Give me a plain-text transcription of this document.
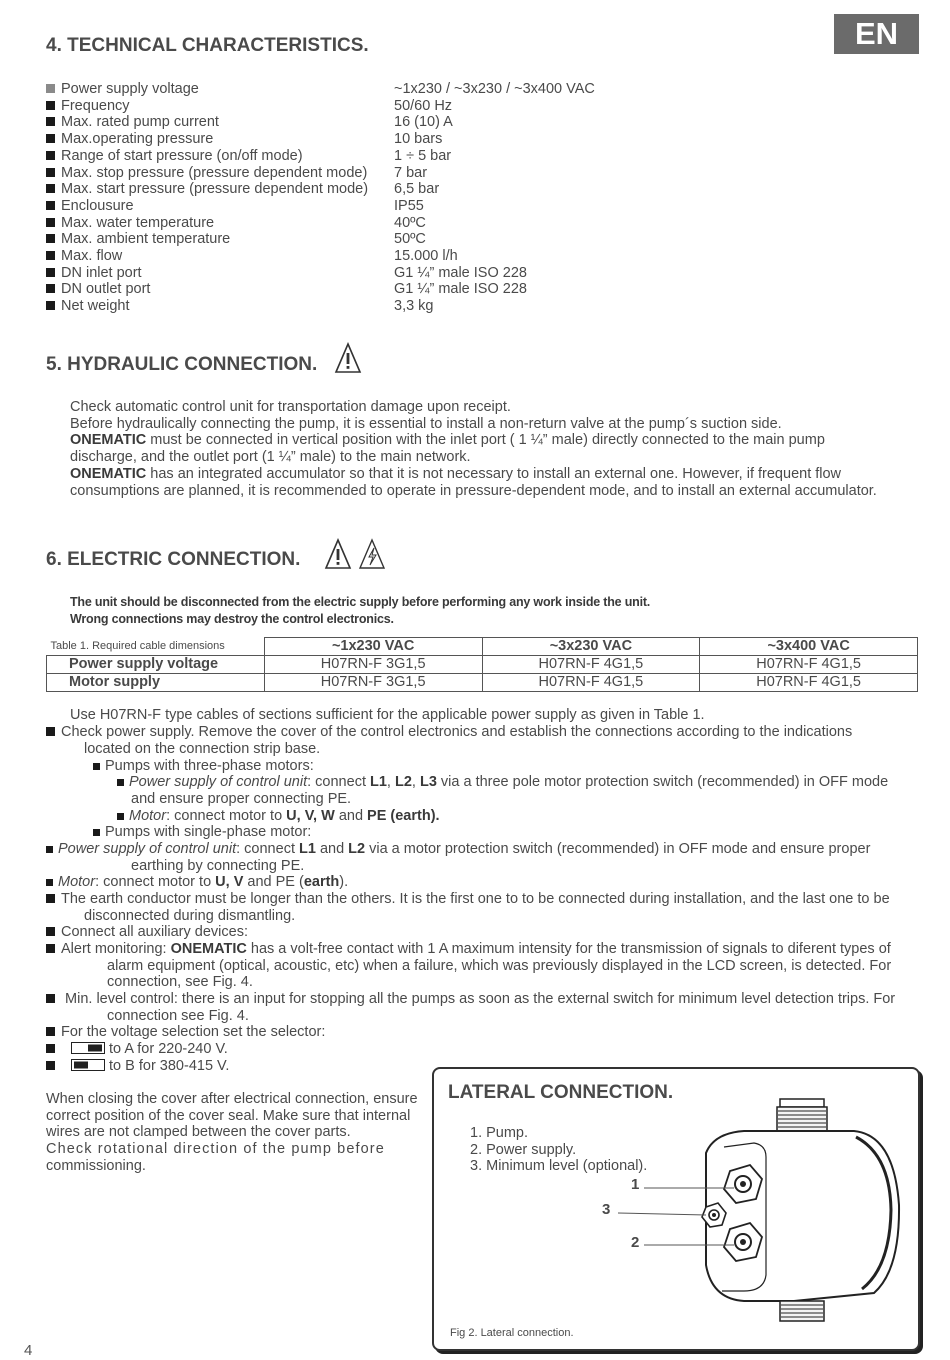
EN
4. TECHNICAL CHARACTERISTICS.
Power supply voltage	~1x230 / ~3x230 / ~3x400 VAC
Frequency	50/60 Hz
Max. rated pump current	16 (10) A
Max.operating pressure	10 bars
Range of start pressure (on/off mode)	1 ÷ 5 bar
Max. stop pressure (pressure dependent mode) 7 bar
Max. start pressure (pressure dependent mode) 6,5 bar
Enclousure	IP55
Max. water temperature	40ºC
Max. ambient temperature	50ºC
Max. flow	15.000 l/h
DN inlet port	G1 ¼” male ISO 228
DN outlet port	G1 ¼” male ISO 228
Net weight	3,3 kg
5. HYDRAULIC CONNECTION.
Check automatic control unit for transportation damage upon receipt.
Before hydraulically connecting the pump, it is essential to install a non-return valve at the pump´s suction side.
ONEMATIC must be connected in vertical position with the inlet port ( 1 ¼” male) directly connected to the main pump
discharge, and the outlet port (1 ¼” male) to the main network.
ONEMATIC has an integrated accumulator so that it is not necessary to install an external one. However, if frequent flow
consumptions are planned, it is recommended to operate in pressure-dependent mode, and to install an external accumulator.
6. ELECTRIC CONNECTION.
The unit should be disconnected from the electric supply before performing any work inside the unit.
Wrong connections may destroy the control electronics.
Table 1. Required cable dimensions	~1x230 VAC	~3x230 VAC	~3x400 VAC
Power supply voltage	H07RN-F 3G1,5	H07RN-F 4G1,5	H07RN-F 4G1,5
Motor supply	H07RN-F 3G1,5	H07RN-F 4G1,5	H07RN-F 4G1,5
Use H07RN-F type cables of sections sufficient for the applicable power supply as given in Table 1.
Check power supply. Remove the cover of the control electronics and establish the connections according to the indications
located on the connection strip base.
Pumps with three-phase motors:
Power supply of control unit: connect L1, L2, L3 via a three pole motor protection switch (recommended) in OFF mode
and ensure proper connecting PE.
Motor: connect motor to U, V, W and PE (earth).
Pumps with single-phase motor:
Power supply of control unit: connect L1 and L2 via a motor protection switch (recommended) in OFF mode and ensure proper
earthing by connecting PE.
Motor: connect motor to U, V and PE (earth).
The earth conductor must be longer than the others. It is the first one to to be connected during installation, and the last one to be
disconnected during dismantling.
Connect all auxiliary devices:
Alert monitoring: ONEMATIC has a volt-free contact with 1 A maximum intensity for the transmission of signals to diferent types of
alarm equipment (optical, acoustic, etc) when a failure, which was previously displayed in the LCD screen, is detected. For
connection, see Fig. 4.
Min. level control: there is an input for stopping all the pumps as soon as the external switch for minimum level detection trips. For
connection see Fig. 4.
For the voltage selection set the selector:
to A for 220-240 V.
to B for 380-415 V.
When closing the cover after electrical connection, ensure
correct position of the cover seal. Make sure that internal
wires are not clamped between the cover parts.
Check rotational direction of the pump before
commissioning.
LATERAL CONNECTION.
1. Pump.
2. Power supply.
3. Minimum level (optional).
1
3
2
Fig 2. Lateral connection.
4
